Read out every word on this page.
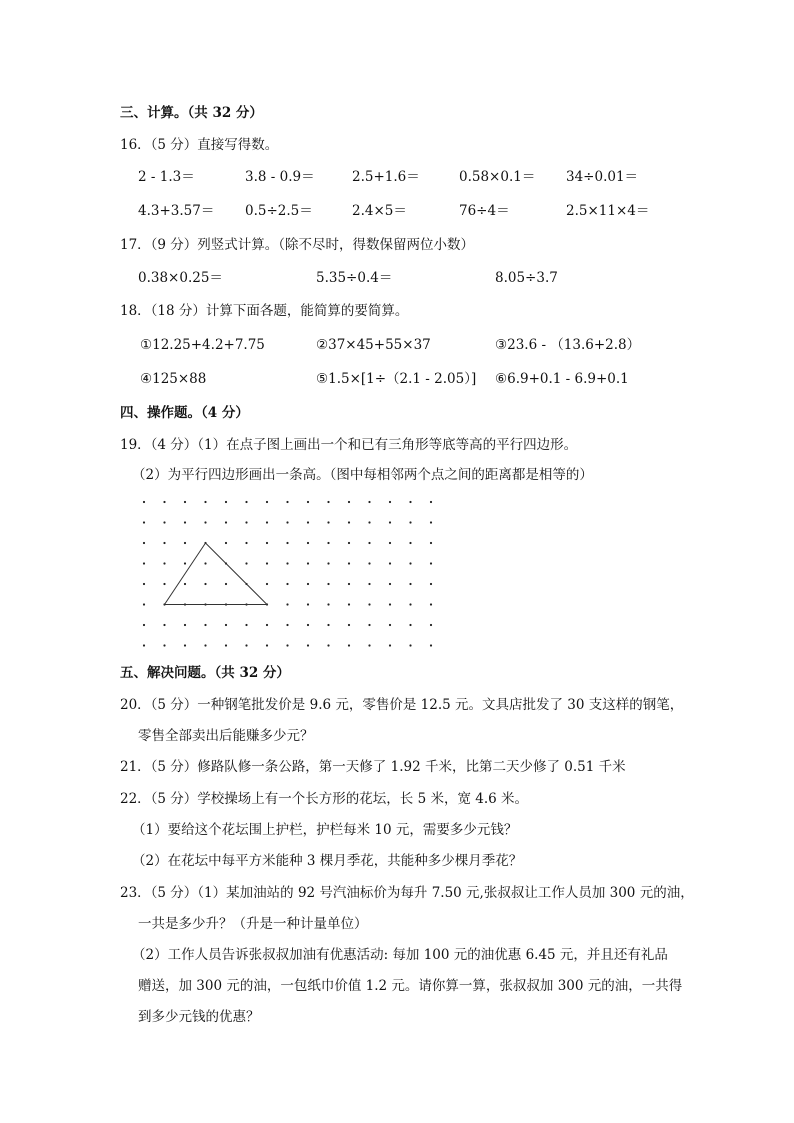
三、计算。（共 32 分）
16．（5 分）直接写得数。
2 - 1.3＝	3.8 - 0.9＝	2.5+1.6＝	0.58×0.1＝ 34÷0.01＝
4.3+3.57＝ 0.5÷2.5＝	2.4×5＝	76÷4＝	2.5×11×4＝
17．（9 分）列竖式计算。（除不尽时，得数保留两位小数）
0.38×0.25＝	5.35÷0.4＝	8.05÷3.7
18．（18 分）计算下面各题，能简算的要简算。
①12.25+4.2+7.75	②37×45+55×37	③23.6 - （13.6+2.8）
④125×88	⑤1.5×[1÷（2.1 - 2.05）] ⑥6.9+0.1 - 6.9+0.1
四、操作题。（4 分）
19．（4 分）（1）在点子图上画出一个和已有三角形等底等高的平行四边形。
（2）为平行四边形画出一条高。（图中每相邻两个点之间的距离都是相等的）
五、解决问题。（共 32 分）
20．（5 分）一种钢笔批发价是 9.6 元，零售价是 12.5 元。文具店批发了 30 支这样的钢笔，
零售全部卖出后能赚多少元？
21．（5 分）修路队修一条公路，第一天修了 1.92 千米，比第二天少修了 0.51 千米
22．（5 分）学校操场上有一个长方形的花坛，长 5 米，宽 4.6 米。
（1）要给这个花坛围上护栏，护栏每米 10 元，需要多少元钱？
（2）在花坛中每平方米能种 3 棵月季花，共能种多少棵月季花？
23．（5 分）（1）某加油站的 92 号汽油标价为每升 7.50 元,张叔叔让工作人员加 300 元的油，
一共是多少升？（升是一种计量单位）
（2）工作人员告诉张叔叔加油有优惠活动: 每加 100 元的油优惠 6.45 元，并且还有礼品
赠送，加 300 元的油，一包纸巾价值 1.2 元。请你算一算，张叔叔加 300 元的油，一共得
到多少元钱的优惠？
